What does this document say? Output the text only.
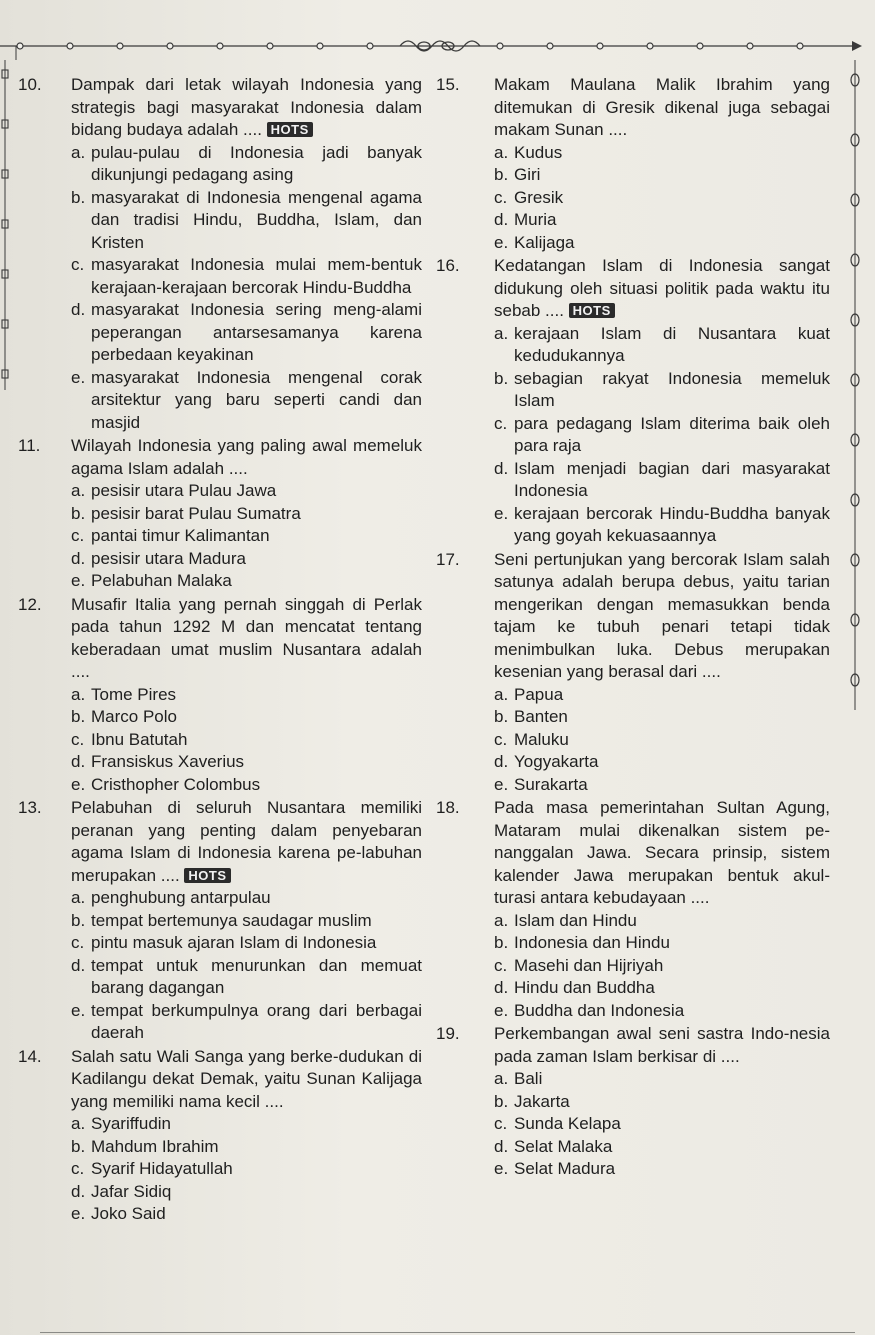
10.	Dampak dari letak wilayah Indonesia yang strategis bagi masyarakat Indonesia dalam bidang budaya adalah .... HOTS
a. pulau-pulau di Indonesia jadi banyak dikunjungi pedagang asing
b. masyarakat di Indonesia mengenal agama dan tradisi Hindu, Buddha, Islam, dan Kristen
c. masyarakat Indonesia mulai mem-bentuk kerajaan-kerajaan bercorak Hindu-Buddha
d. masyarakat Indonesia sering meng-alami peperangan antarsesamanya karena perbedaan keyakinan
e. masyarakat Indonesia mengenal corak arsitektur yang baru seperti candi dan masjid
11.	Wilayah Indonesia yang paling awal memeluk agama Islam adalah ....
a. pesisir utara Pulau Jawa
b. pesisir barat Pulau Sumatra
c. pantai timur Kalimantan
d. pesisir utara Madura
e. Pelabuhan Malaka
12.	Musafir Italia yang pernah singgah di Perlak pada tahun 1292 M dan mencatat tentang keberadaan umat muslim Nusantara adalah ....
a. Tome Pires
b. Marco Polo
c. Ibnu Batutah
d. Fransiskus Xaverius
e. Cristhopher Colombus
13.	Pelabuhan di seluruh Nusantara memiliki peranan yang penting dalam penyebaran agama Islam di Indonesia karena pe-labuhan merupakan .... HOTS
a. penghubung antarpulau
b. tempat bertemunya saudagar muslim
c. pintu masuk ajaran Islam di Indonesia
d. tempat untuk menurunkan dan memuat barang dagangan
e. tempat berkumpulnya orang dari berbagai daerah
14.	Salah satu Wali Sanga yang berke-dudukan di Kadilangu dekat Demak, yaitu Sunan Kalijaga yang memiliki nama kecil ....
a. Syariffudin
b. Mahdum Ibrahim
c. Syarif Hidayatullah
d. Jafar Sidiq
e. Joko Said
15.	Makam Maulana Malik Ibrahim yang ditemukan di Gresik dikenal juga sebagai makam Sunan ....
a. Kudus
b. Giri
c. Gresik
d. Muria
e. Kalijaga
16.	Kedatangan Islam di Indonesia sangat didukung oleh situasi politik pada waktu itu sebab .... HOTS
a. kerajaan Islam di Nusantara kuat kedudukannya
b. sebagian rakyat Indonesia memeluk Islam
c. para pedagang Islam diterima baik oleh para raja
d. Islam menjadi bagian dari masyarakat Indonesia
e. kerajaan bercorak Hindu-Buddha banyak yang goyah kekuasaannya
17.	Seni pertunjukan yang bercorak Islam salah satunya adalah berupa debus, yaitu tarian mengerikan dengan memasukkan benda tajam ke tubuh penari tetapi tidak menimbulkan luka. Debus merupakan kesenian yang berasal dari ....
a. Papua
b. Banten
c. Maluku
d. Yogyakarta
e. Surakarta
18.	Pada masa pemerintahan Sultan Agung, Mataram mulai dikenalkan sistem pe-nanggalan Jawa. Secara prinsip, sistem kalender Jawa merupakan bentuk akul-turasi antara kebudayaan ....
a. Islam dan Hindu
b. Indonesia dan Hindu
c. Masehi dan Hijriyah
d. Hindu dan Buddha
e. Buddha dan Indonesia
19.	Perkembangan awal seni sastra Indo-nesia pada zaman Islam berkisar di ....
a. Bali
b. Jakarta
c. Sunda Kelapa
d. Selat Malaka
e. Selat Madura
